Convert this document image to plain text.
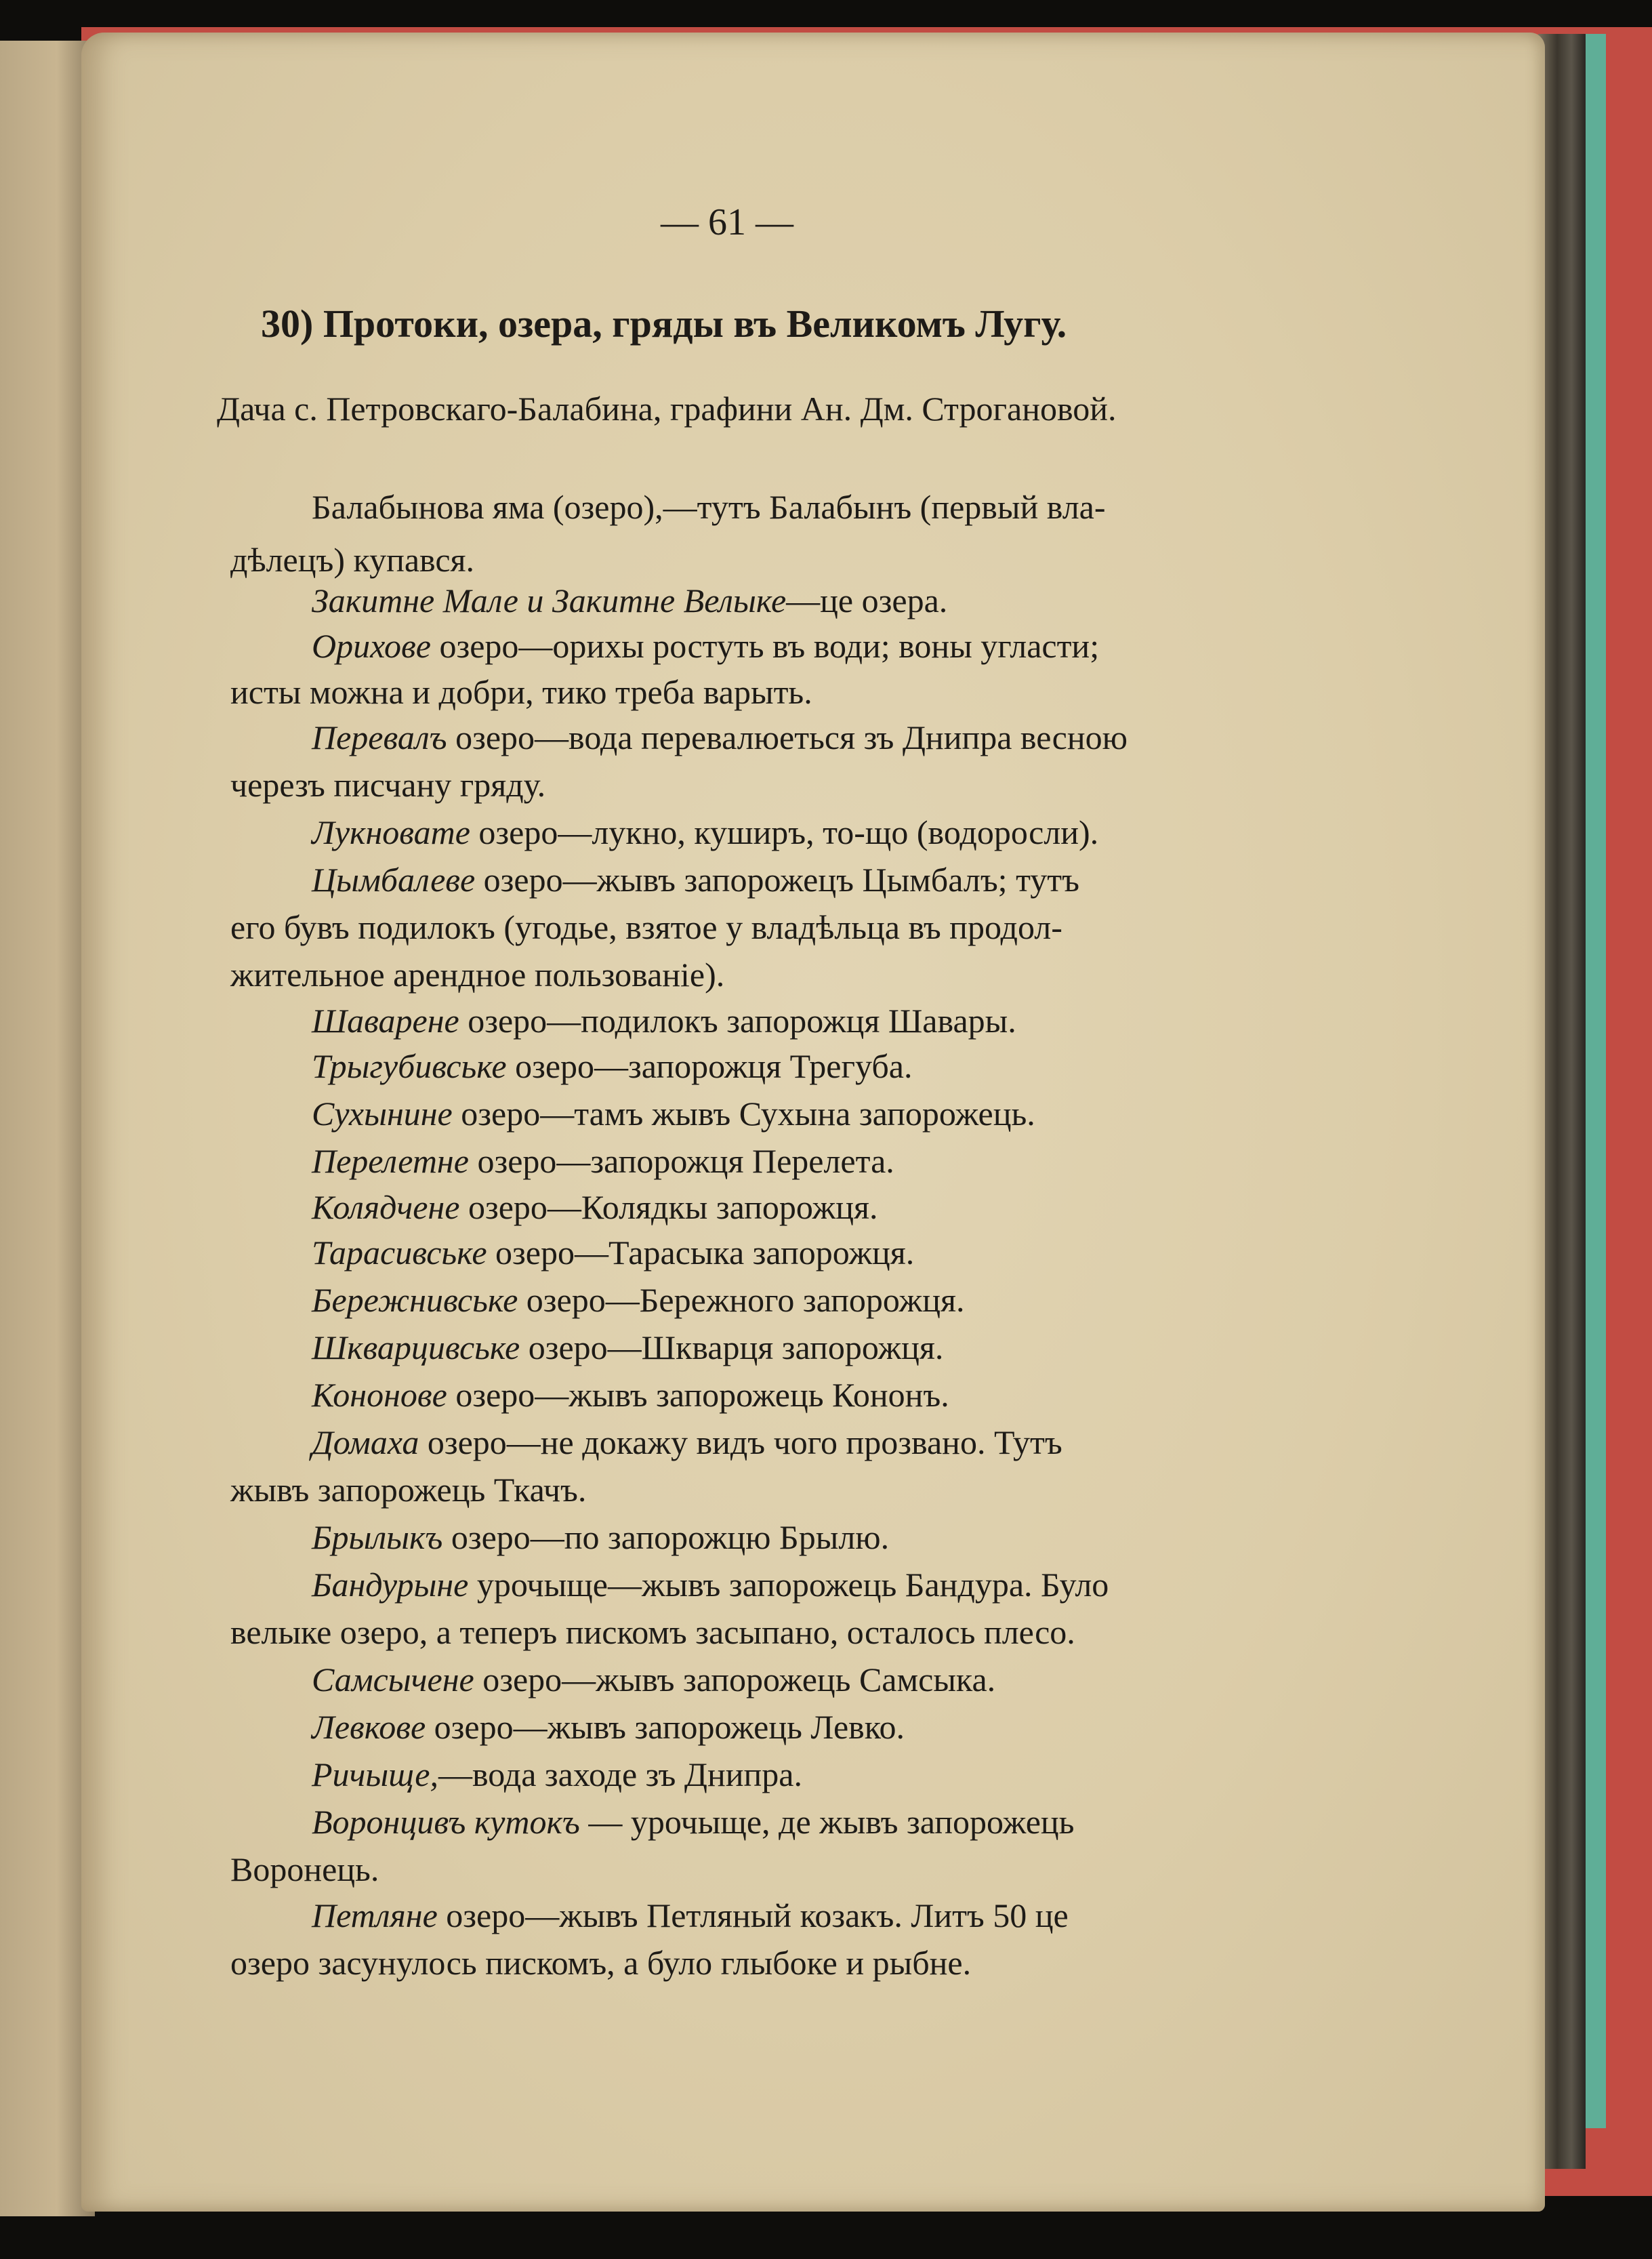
— 61 —
30) Протоки, озера, гряды въ Великомъ Лугу.
Дача с. Петровскаго-Балабина, графини Ан. Дм. Строгановой.
Балабынова яма (озеро),—тутъ Балабынъ (первый вла-
дѣлецъ) купався.
Закитне Мале и Закитне Велыке—це озера.
Орихове озеро—орихы ростуть въ води; воны угласти;
исты можна и добри, тико треба варыть.
Перевалъ озеро—вода перевалюеться зъ Днипра весною
черезъ писчану гряду.
Лукновате озеро—лукно, куширъ, то-що (водоросли).
Цымбалеве озеро—жывъ запорожецъ Цымбалъ; тутъ
его бувъ подилокъ (угодье, взятое у владѣльца въ продол-
жительное арендное пользованіе).
Шаварене озеро—подилокъ запорожця Шавары.
Трыгубивське озеро—запорожця Трегуба.
Сухынине озеро—тамъ жывъ Сухына запорожець.
Перелетне озеро—запорожця Перелета.
Колядчене озеро—Колядкы запорожця.
Тарасивське озеро—Тарасыка запорожця.
Бережнивське озеро—Бережного запорожця.
Шкварцивське озеро—Шкварця запорожця.
Кононове озеро—жывъ запорожець Кононъ.
Домаха озеро—не докажу видъ чого прозвано. Тутъ
жывъ запорожець Ткачъ.
Брылыкъ озеро—по запорожцю Брылю.
Бандурыне урочыще—жывъ запорожець Бандура. Було
велыке озеро, а теперъ пискомъ засыпано, осталось плесо.
Самсычене озеро—жывъ запорожець Самсыка.
Левкове озеро—жывъ запорожець Левко.
Ричыще,—вода заходе зъ Днипра.
Воронцивъ кутокъ — урочыще, де жывъ запорожець
Воронець.
Петляне озеро—жывъ Петляный козакъ. Литъ 50 це
озеро засунулось пискомъ, а було глыбоке и рыбне.
